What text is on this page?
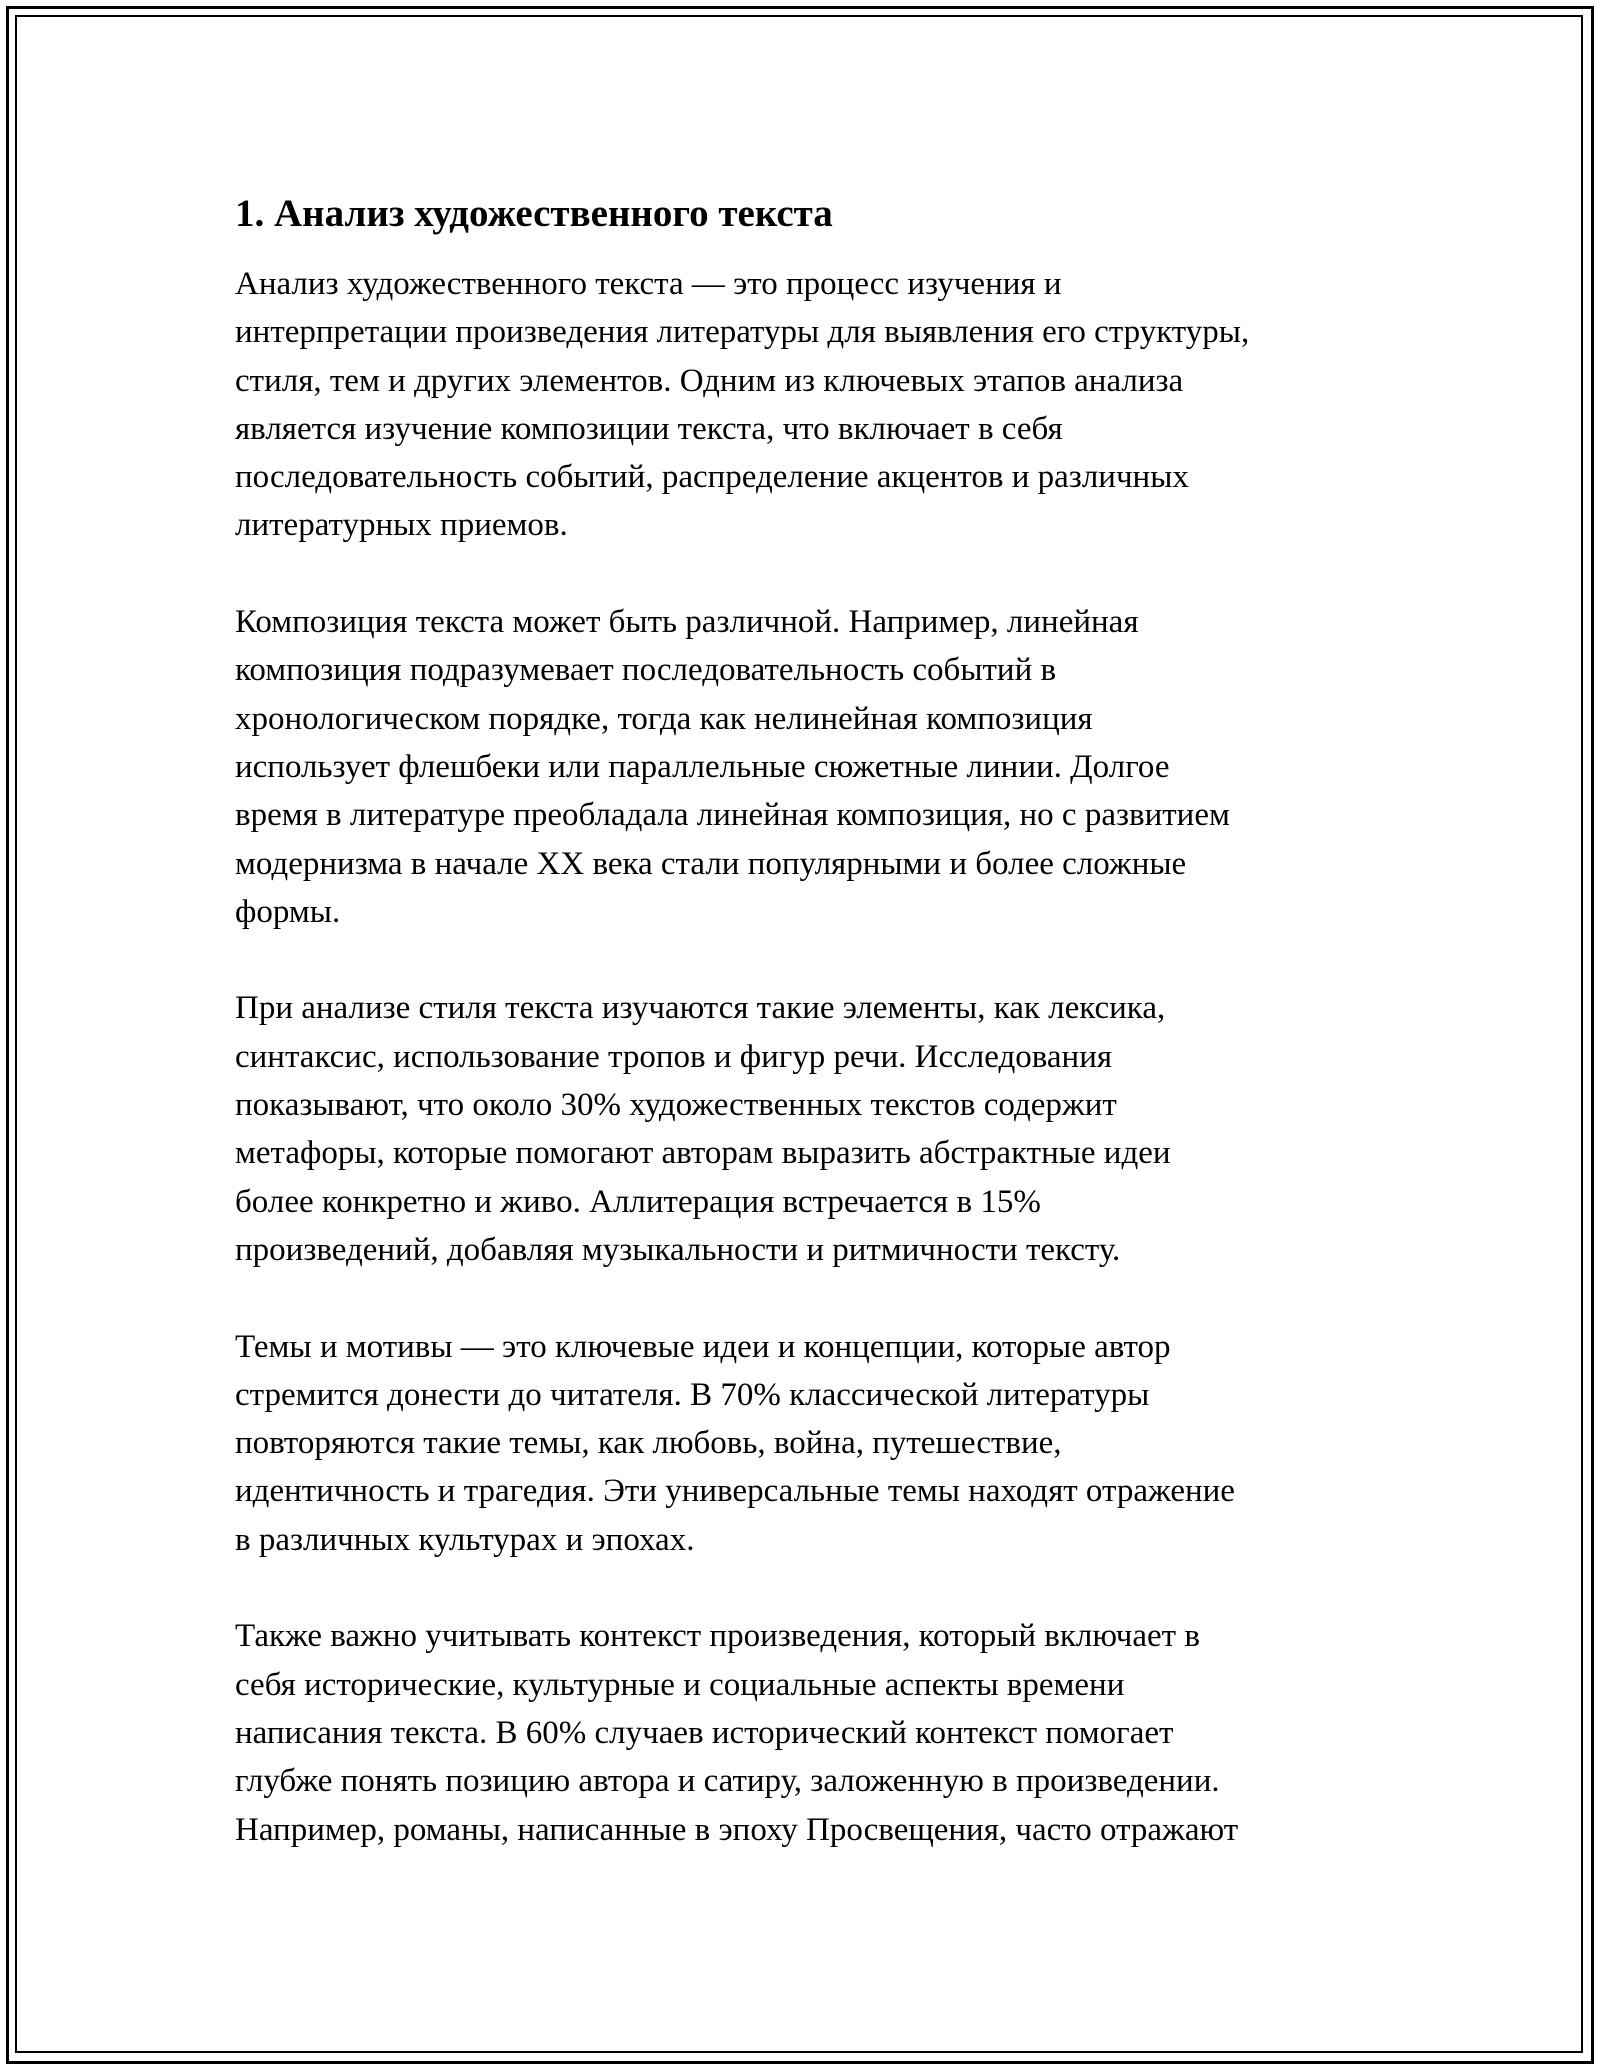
1. Анализ художественного текста

Анализ художественного текста — это процесс изучения и
интерпретации произведения литературы для выявления его структуры,
стиля, тем и других элементов. Одним из ключевых этапов анализа
является изучение композиции текста, что включает в себя
последовательность событий, распределение акцентов и различных
литературных приемов.

Композиция текста может быть различной. Например, линейная
композиция подразумевает последовательность событий в
хронологическом порядке, тогда как нелинейная композиция
использует флешбеки или параллельные сюжетные линии. Долгое
время в литературе преобладала линейная композиция, но с развитием
модернизма в начале XX века стали популярными и более сложные
формы.

При анализе стиля текста изучаются такие элементы, как лексика,
синтаксис, использование тропов и фигур речи. Исследования
показывают, что около 30% художественных текстов содержит
метафоры, которые помогают авторам выразить абстрактные идеи
более конкретно и живо. Аллитерация встречается в 15%
произведений, добавляя музыкальности и ритмичности тексту.

Темы и мотивы — это ключевые идеи и концепции, которые автор
стремится донести до читателя. В 70% классической литературы
повторяются такие темы, как любовь, война, путешествие,
идентичность и трагедия. Эти универсальные темы находят отражение
в различных культурах и эпохах.

Также важно учитывать контекст произведения, который включает в
себя исторические, культурные и социальные аспекты времени
написания текста. В 60% случаев исторический контекст помогает
глубже понять позицию автора и сатиру, заложенную в произведении.
Например, романы, написанные в эпоху Просвещения, часто отражают
